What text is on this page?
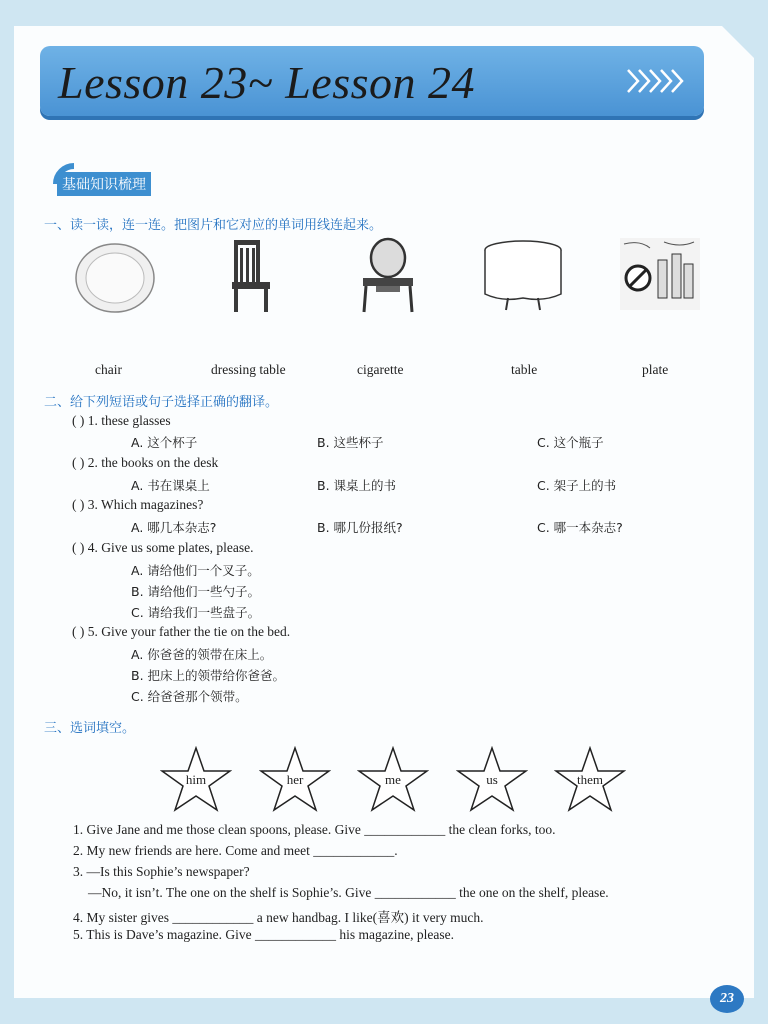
Lesson 23~ Lesson 24
基础知识梳理
一、读一读，连一连。把图片和它对应的单词用线连起来。
chair	dressing table	cigarette	table	plate
二、给下列短语或句子选择正确的翻译。
( ) 1. these glasses
A. 这个杯子	B. 这些杯子	C. 这个瓶子
( ) 2. the books on the desk
A. 书在课桌上	B. 课桌上的书	C. 架子上的书
( ) 3. Which magazines?
A. 哪几本杂志?	B. 哪几份报纸?	C. 哪一本杂志?
( ) 4. Give us some plates, please.
A. 请给他们一个叉子。
B. 请给他们一些勺子。
C. 请给我们一些盘子。
( ) 5. Give your father the tie on the bed.
A. 你爸爸的领带在床上。
B. 把床上的领带给你爸爸。
C. 给爸爸那个领带。
三、选词填空。
him	her	me	us	them
1. Give Jane and me those clean spoons, please. Give ____________ the clean forks, too.
2. My new friends are here. Come and meet ____________.
3. —Is this Sophie’s newspaper?
—No, it isn’t. The one on the shelf is Sophie’s. Give ____________ the one on the shelf, please.
4. My sister gives ____________ a new handbag. I like(喜欢) it very much.
5. This is Dave’s magazine. Give ____________ his magazine, please.
23
